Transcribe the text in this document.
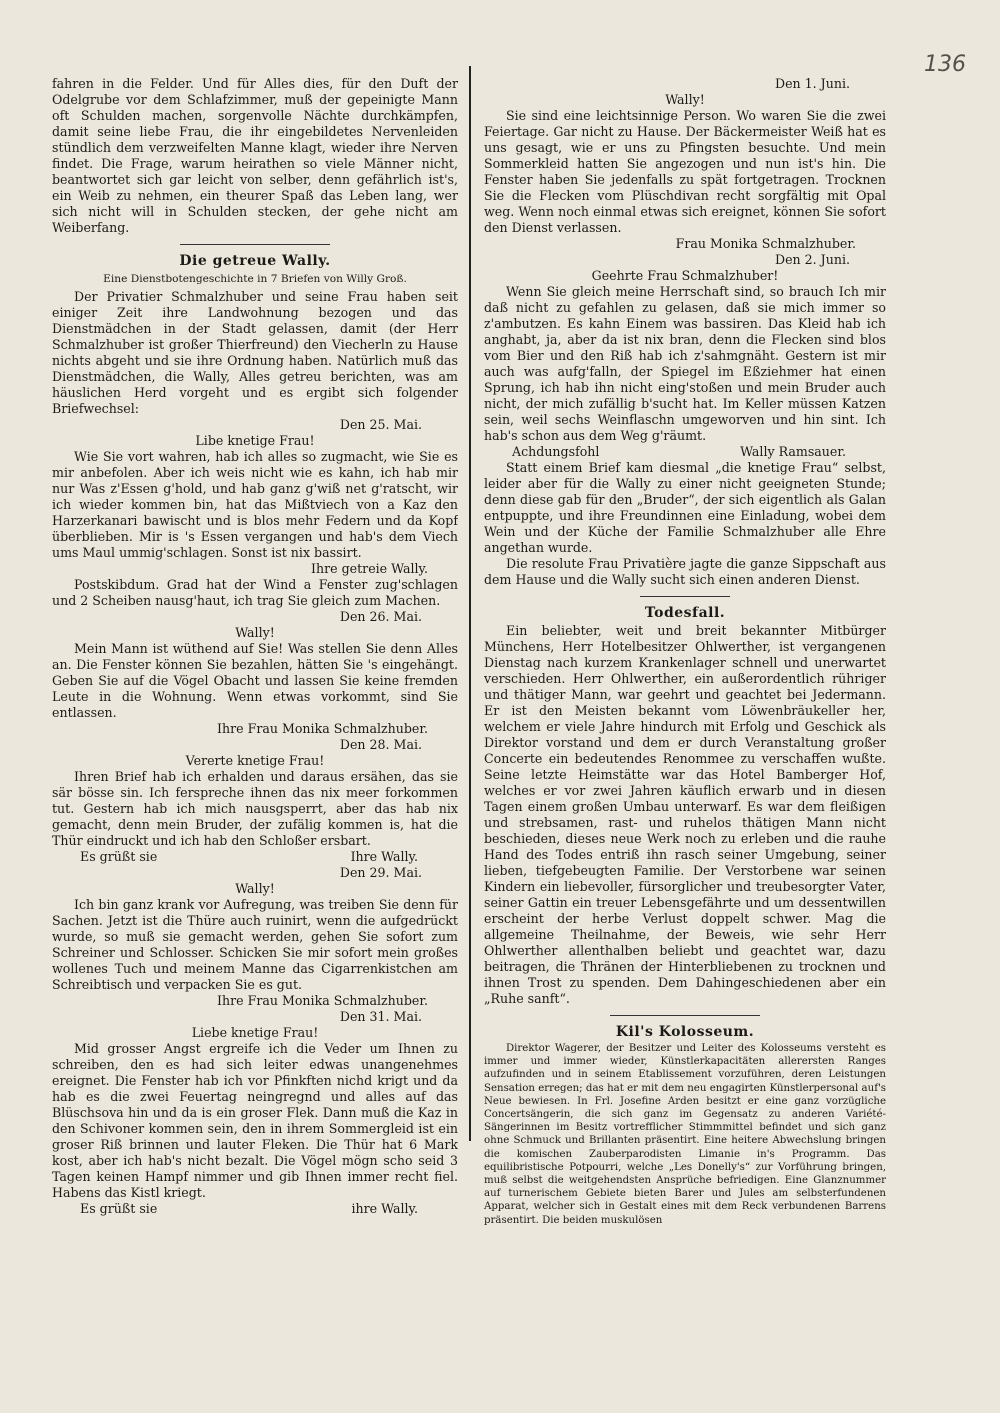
136

fahren in die Felder. Und für Alles dies, für den Duft der Odelgrube vor dem Schlafzimmer, muß der gepeinigte Mann oft Schulden machen, sorgenvolle Nächte durchkämpfen, damit seine liebe Frau, die ihr eingebildetes Nervenleiden stündlich dem verzweifelten Manne klagt, wieder ihre Nerven findet. Die Frage, warum heirathen so viele Männer nicht, beantwortet sich gar leicht von selber, denn gefährlich ist's, ein Weib zu nehmen, ein theurer Spaß das Leben lang, wer sich nicht will in Schulden stecken, der gehe nicht am Weiberfang.

Die getreue Wally.
Eine Dienstbotengeschichte in 7 Briefen von Willy Groß.

Der Privatier Schmalzhuber und seine Frau haben seit einiger Zeit ihre Landwohnung bezogen und das Dienstmädchen in der Stadt gelassen, damit (der Herr Schmalzhuber ist großer Thierfreund) den Viecherln zu Hause nichts abgeht und sie ihre Ordnung haben. Natürlich muß das Dienstmädchen, die Wally, Alles getreu berichten, was am häuslichen Herd vorgeht und es ergibt sich folgender Briefwechsel:

Den 25. Mai.
Libe knetige Frau!

Wie Sie vort wahren, hab ich alles so zugmacht, wie Sie es mir anbefolen. Aber ich weis nicht wie es kahn, ich hab mir nur Was z'Essen g'hold, und hab ganz g'wiß net g'ratscht, wir ich wieder kommen bin, hat das Mißtviech von a Kaz den Harzerkanari bawischt und is blos mehr Federn und da Kopf überblieben. Mir is 's Essen vergangen und hab's dem Viech ums Maul ummig'schlagen. Sonst ist nix bassirt.

Ihre getreie Wally.

Postskibdum. Grad hat der Wind a Fenster zug'schlagen und 2 Scheiben nausg'haut, ich trag Sie gleich zum Machen.

Den 26. Mai.
Wally!

Mein Mann ist wüthend auf Sie! Was stellen Sie denn Alles an. Die Fenster können Sie bezahlen, hätten Sie 's eingehängt. Geben Sie auf die Vögel Obacht und lassen Sie keine fremden Leute in die Wohnung. Wenn etwas vorkommt, sind Sie entlassen.

Ihre Frau Monika Schmalzhuber.
Den 28. Mai.
Vererte knetige Frau!

Ihren Brief hab ich erhalden und daraus ersähen, das sie sär bösse sin. Ich ferspreche ihnen das nix meer forkommen tut. Gestern hab ich mich nausgsperrt, aber das hab nix gemacht, denn mein Bruder, der zufälig kommen is, hat die Thür eindruckt und ich hab den Schloßer ersbart.

Es grüßt sie	Ihre Wally.
Den 29. Mai.
Wally!

Ich bin ganz krank vor Aufregung, was treiben Sie denn für Sachen. Jetzt ist die Thüre auch ruinirt, wenn die aufgedrückt wurde, so muß sie gemacht werden, gehen Sie sofort zum Schreiner und Schlosser. Schicken Sie mir sofort mein großes wollenes Tuch und meinem Manne das Cigarrenkistchen am Schreibtisch und verpacken Sie es gut.

Ihre Frau Monika Schmalzhuber.
Den 31. Mai.
Liebe knetige Frau!

Mid grosser Angst ergreife ich die Veder um Ihnen zu schreiben, den es had sich leiter edwas unangenehmes ereignet. Die Fenster hab ich vor Pfinkften nichd krigt und da hab es die zwei Feuertag neingregnd und alles auf das Blüschsova hin und da is ein groser Flek. Dann muß die Kaz in den Schivoner kommen sein, den in ihrem Sommergleid ist ein groser Riß brinnen und lauter Fleken. Die Thür hat 6 Mark kost, aber ich hab's nicht bezalt. Die Vögel mögn scho seid 3 Tagen keinen Hampf nimmer und gib Ihnen immer recht fiel. Habens das Kistl kriegt.

Es grüßt sie	ihre Wally.
Den 1. Juni.
Wally!

Sie sind eine leichtsinnige Person. Wo waren Sie die zwei Feiertage. Gar nicht zu Hause. Der Bäckermeister Weiß hat es uns gesagt, wie er uns zu Pfingsten besuchte. Und mein Sommerkleid hatten Sie angezogen und nun ist's hin. Die Fenster haben Sie jedenfalls zu spät fortgetragen. Trocknen Sie die Flecken vom Plüschdivan recht sorgfältig mit Opal weg. Wenn noch einmal etwas sich ereignet, können Sie sofort den Dienst verlassen.

Frau Monika Schmalzhuber.
Den 2. Juni.
Geehrte Frau Schmalzhuber!

Wenn Sie gleich meine Herrschaft sind, so brauch Ich mir daß nicht zu gefahlen zu gelasen, daß sie mich immer so z'ambutzen. Es kahn Einem was bassiren. Das Kleid hab ich anghabt, ja, aber da ist nix bran, denn die Flecken sind blos vom Bier und den Riß hab ich z'sahmgnäht. Gestern ist mir auch was aufg'falln, der Spiegel im Eßziehmer hat einen Sprung, ich hab ihn nicht eing'stoßen und mein Bruder auch nicht, der mich zufällig b'sucht hat. Im Keller müssen Katzen sein, weil sechs Weinflaschn umgeworven und hin sint. Ich hab's schon aus dem Weg g'räumt.

Achdungsfohl	Wally Ramsauer.

Statt einem Brief kam diesmal „die knetige Frau“ selbst, leider aber für die Wally zu einer nicht geeigneten Stunde; denn diese gab für den „Bruder“, der sich eigentlich als Galan entpuppte, und ihre Freundinnen eine Einladung, wobei dem Wein und der Küche der Familie Schmalzhuber alle Ehre angethan wurde.

Die resolute Frau Privatière jagte die ganze Sippschaft aus dem Hause und die Wally sucht sich einen anderen Dienst.

Todesfall.

Ein beliebter, weit und breit bekannter Mitbürger Münchens, Herr Hotelbesitzer Ohlwerther, ist vergangenen Dienstag nach kurzem Krankenlager schnell und unerwartet verschieden. Herr Ohlwerther, ein außerordentlich rühriger und thätiger Mann, war geehrt und geachtet bei Jedermann. Er ist den Meisten bekannt vom Löwenbräukeller her, welchem er viele Jahre hindurch mit Erfolg und Geschick als Direktor vorstand und dem er durch Veranstaltung großer Concerte ein bedeutendes Renommee zu verschaffen wußte. Seine letzte Heimstätte war das Hotel Bamberger Hof, welches er vor zwei Jahren käuflich erwarb und in diesen Tagen einem großen Umbau unterwarf. Es war dem fleißigen und strebsamen, rast- und ruhelos thätigen Mann nicht beschieden, dieses neue Werk noch zu erleben und die rauhe Hand des Todes entriß ihn rasch seiner Umgebung, seiner lieben, tiefgebeugten Familie. Der Verstorbene war seinen Kindern ein liebevoller, fürsorglicher und treubesorgter Vater, seiner Gattin ein treuer Lebensgefährte und um dessentwillen erscheint der herbe Verlust doppelt schwer. Mag die allgemeine Theilnahme, der Beweis, wie sehr Herr Ohlwerther allenthalben beliebt und geachtet war, dazu beitragen, die Thränen der Hinterbliebenen zu trocknen und ihnen Trost zu spenden. Dem Dahingeschiedenen aber ein „Ruhe sanft“.

Kil's Kolosseum.

Direktor Wagerer, der Besitzer und Leiter des Kolosseums versteht es immer und immer wieder, Künstlerkapacitäten allerersten Ranges aufzufinden und in seinem Etablissement vorzuführen, deren Leistungen Sensation erregen; das hat er mit dem neu engagirten Künstlerpersonal auf's Neue bewiesen. In Frl. Josefine Arden besitzt er eine ganz vorzügliche Concertsängerin, die sich ganz im Gegensatz zu anderen Variété-Sängerinnen im Besitz vortrefflicher Stimmmittel befindet und sich ganz ohne Schmuck und Brillanten präsentirt. Eine heitere Abwechslung bringen die komischen Zauberparodisten Limanie in's Programm. Das equilibristische Potpourri, welche „Les Donelly's“ zur Vorführung bringen, muß selbst die weitgehendsten Ansprüche befriedigen. Eine Glanznummer auf turnerischem Gebiete bieten Barer und Jules am selbsterfundenen Apparat, welcher sich in Gestalt eines mit dem Reck verbundenen Barrens präsentirt. Die beiden muskulösen
